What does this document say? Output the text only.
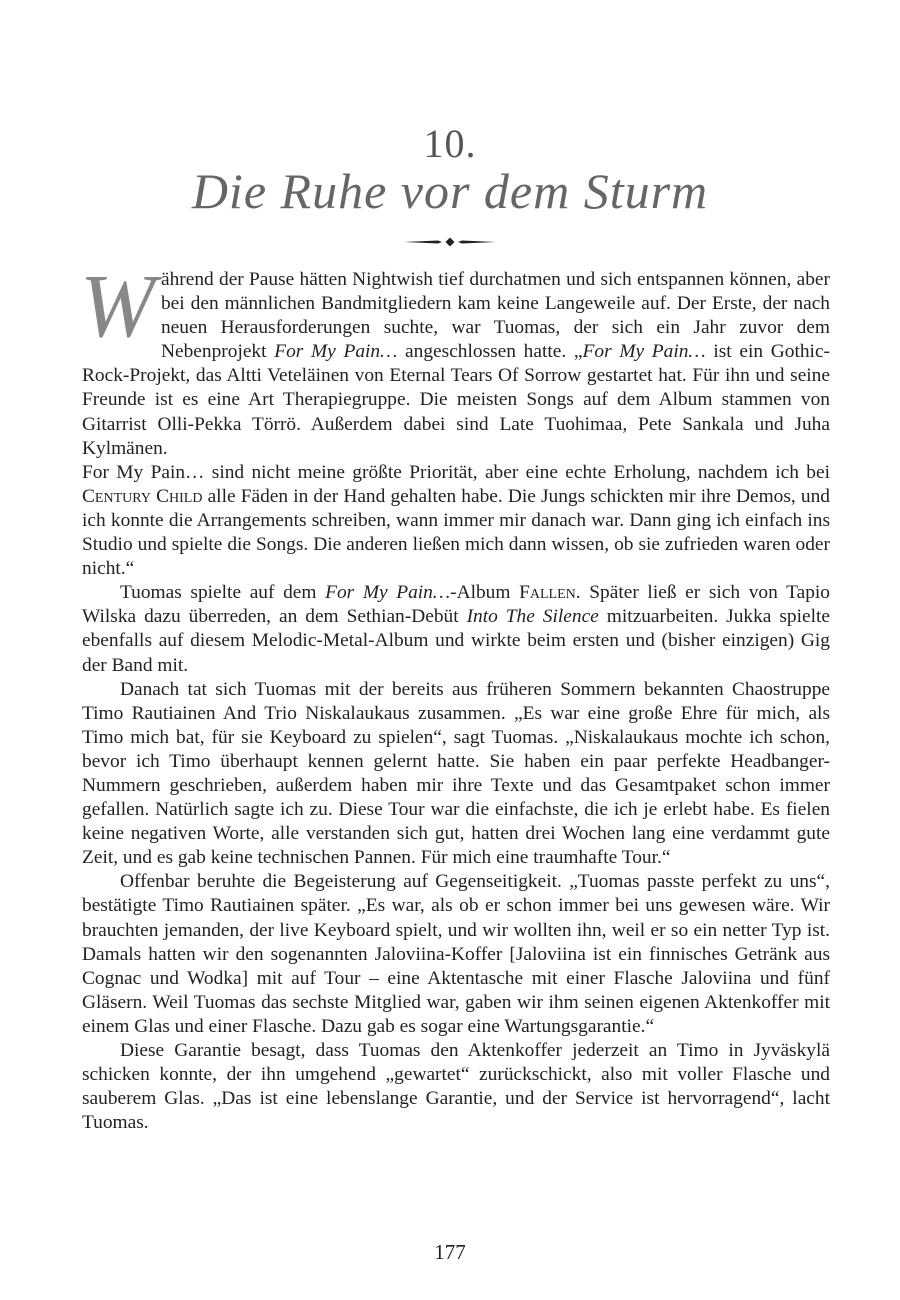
10.
Die Ruhe vor dem Sturm

Während der Pause hätten Nightwish tief durchatmen und sich entspannen können, aber bei den männlichen Bandmitgliedern kam keine Langeweile auf. Der Erste, der nach neuen Herausforderungen suchte, war Tuomas, der sich ein Jahr zuvor dem Nebenprojekt For My Pain… angeschlossen hatte. „For My Pain… ist ein Gothic-Rock-Projekt, das Altti Veteläinen von Eternal Tears Of Sorrow gestartet hat. Für ihn und seine Freunde ist es eine Art Therapiegruppe. Die meisten Songs auf dem Album stammen von Gitarrist Olli-Pekka Törrö. Außerdem dabei sind Late Tuohimaa, Pete Sankala und Juha Kylmänen.

For My Pain… sind nicht meine größte Priorität, aber eine echte Erholung, nachdem ich bei Century Child alle Fäden in der Hand gehalten habe. Die Jungs schickten mir ihre Demos, und ich konnte die Arrangements schreiben, wann immer mir danach war. Dann ging ich einfach ins Studio und spielte die Songs. Die anderen ließen mich dann wissen, ob sie zufrieden waren oder nicht.“

Tuomas spielte auf dem For My Pain…-Album Fallen. Später ließ er sich von Tapio Wilska dazu überreden, an dem Sethian-Debüt Into The Silence mitzuarbeiten. Jukka spielte ebenfalls auf diesem Melodic-Metal-Album und wirkte beim ersten und (bisher einzigen) Gig der Band mit.

Danach tat sich Tuomas mit der bereits aus früheren Sommern bekannten Chaostruppe Timo Rautiainen And Trio Niskalaukaus zusammen. „Es war eine große Ehre für mich, als Timo mich bat, für sie Keyboard zu spielen“, sagt Tuomas. „Niskalaukaus mochte ich schon, bevor ich Timo überhaupt kennen gelernt hatte. Sie haben ein paar perfekte Headbanger-Nummern geschrieben, außerdem haben mir ihre Texte und das Gesamtpaket schon immer gefallen. Natürlich sagte ich zu. Diese Tour war die einfachste, die ich je erlebt habe. Es fielen keine negativen Worte, alle verstanden sich gut, hatten drei Wochen lang eine verdammt gute Zeit, und es gab keine technischen Pannen. Für mich eine traumhafte Tour.“

Offenbar beruhte die Begeisterung auf Gegenseitigkeit. „Tuomas passte perfekt zu uns“, bestätigte Timo Rautiainen später. „Es war, als ob er schon immer bei uns gewesen wäre. Wir brauchten jemanden, der live Keyboard spielt, und wir wollten ihn, weil er so ein netter Typ ist. Damals hatten wir den sogenannten Jaloviina-Koffer [Jaloviina ist ein finnisches Getränk aus Cognac und Wodka] mit auf Tour – eine Aktentasche mit einer Flasche Jaloviina und fünf Gläsern. Weil Tuomas das sechste Mitglied war, gaben wir ihm seinen eigenen Aktenkoffer mit einem Glas und einer Flasche. Dazu gab es sogar eine Wartungsgarantie.“

Diese Garantie besagt, dass Tuomas den Aktenkoffer jederzeit an Timo in Jyväskylä schicken konnte, der ihn umgehend „gewartet“ zurückschickt, also mit voller Flasche und sauberem Glas. „Das ist eine lebenslange Garantie, und der Service ist hervorragend“, lacht Tuomas.

177
